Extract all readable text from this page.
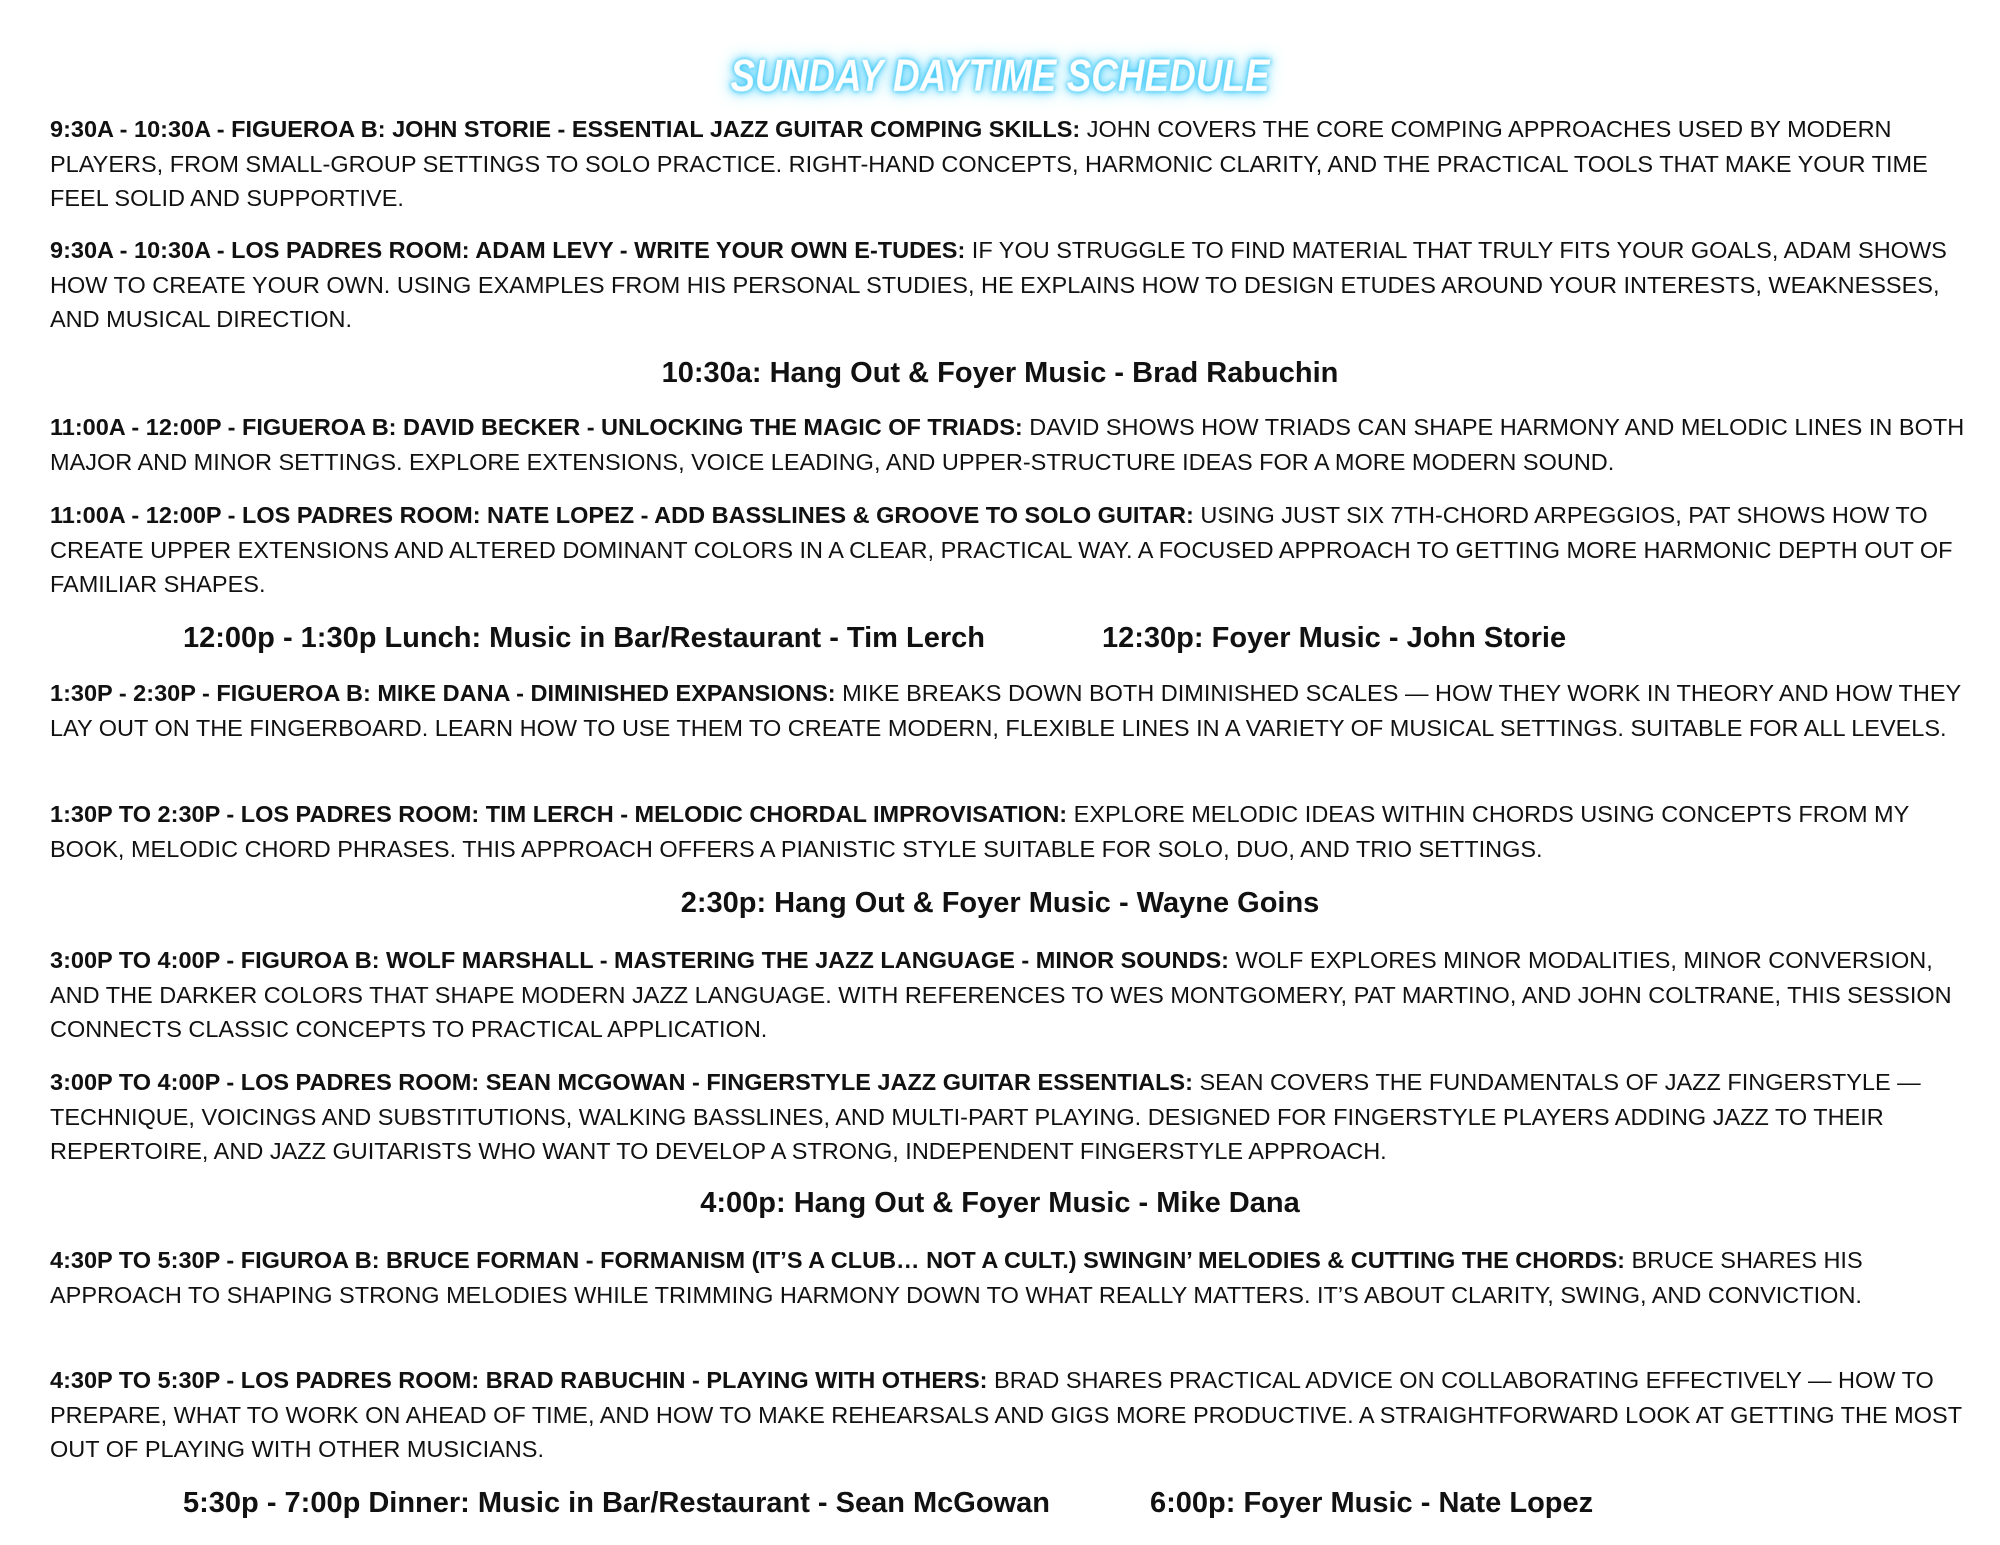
SUNDAY DAYTIME SCHEDULE
9:30A - 10:30A - FIGUEROA B: JOHN STORIE - ESSENTIAL JAZZ GUITAR COMPING SKILLS: JOHN COVERS THE CORE COMPING APPROACHES USED BY MODERN PLAYERS, FROM SMALL-GROUP SETTINGS TO SOLO PRACTICE. RIGHT-HAND CONCEPTS, HARMONIC CLARITY, AND THE PRACTICAL TOOLS THAT MAKE YOUR TIME FEEL SOLID AND SUPPORTIVE.
9:30A - 10:30A - LOS PADRES ROOM: ADAM LEVY - WRITE YOUR OWN E-TUDES: IF YOU STRUGGLE TO FIND MATERIAL THAT TRULY FITS YOUR GOALS, ADAM SHOWS HOW TO CREATE YOUR OWN. USING EXAMPLES FROM HIS PERSONAL STUDIES, HE EXPLAINS HOW TO DESIGN ETUDES AROUND YOUR INTERESTS, WEAKNESSES, AND MUSICAL DIRECTION.
10:30a: Hang Out & Foyer Music - Brad Rabuchin
11:00A - 12:00P - FIGUEROA B: DAVID BECKER - UNLOCKING THE MAGIC OF TRIADS: DAVID SHOWS HOW TRIADS CAN SHAPE HARMONY AND MELODIC LINES IN BOTH MAJOR AND MINOR SETTINGS. EXPLORE EXTENSIONS, VOICE LEADING, AND UPPER-STRUCTURE IDEAS FOR A MORE MODERN SOUND.
11:00A - 12:00P - LOS PADRES ROOM: NATE LOPEZ - ADD BASSLINES & GROOVE TO SOLO GUITAR: USING JUST SIX 7TH-CHORD ARPEGGIOS, PAT SHOWS HOW TO CREATE UPPER EXTENSIONS AND ALTERED DOMINANT COLORS IN A CLEAR, PRACTICAL WAY. A FOCUSED APPROACH TO GETTING MORE HARMONIC DEPTH OUT OF FAMILIAR SHAPES.
12:00p - 1:30p Lunch: Music in Bar/Restaurant - Tim Lerch	12:30p: Foyer Music - John Storie
1:30P - 2:30P - FIGUEROA B: MIKE DANA - DIMINISHED EXPANSIONS: MIKE BREAKS DOWN BOTH DIMINISHED SCALES — HOW THEY WORK IN THEORY AND HOW THEY LAY OUT ON THE FINGERBOARD. LEARN HOW TO USE THEM TO CREATE MODERN, FLEXIBLE LINES IN A VARIETY OF MUSICAL SETTINGS. SUITABLE FOR ALL LEVELS.
1:30P TO 2:30P - LOS PADRES ROOM: TIM LERCH - MELODIC CHORDAL IMPROVISATION: EXPLORE MELODIC IDEAS WITHIN CHORDS USING CONCEPTS FROM MY BOOK, MELODIC CHORD PHRASES. THIS APPROACH OFFERS A PIANISTIC STYLE SUITABLE FOR SOLO, DUO, AND TRIO SETTINGS.
2:30p: Hang Out & Foyer Music - Wayne Goins
3:00P TO 4:00P - FIGUROA B: WOLF MARSHALL - MASTERING THE JAZZ LANGUAGE - MINOR SOUNDS: WOLF EXPLORES MINOR MODALITIES, MINOR CONVERSION, AND THE DARKER COLORS THAT SHAPE MODERN JAZZ LANGUAGE. WITH REFERENCES TO WES MONTGOMERY, PAT MARTINO, AND JOHN COLTRANE, THIS SESSION CONNECTS CLASSIC CONCEPTS TO PRACTICAL APPLICATION.
3:00P TO 4:00P - LOS PADRES ROOM: SEAN MCGOWAN - FINGERSTYLE JAZZ GUITAR ESSENTIALS: SEAN COVERS THE FUNDAMENTALS OF JAZZ FINGERSTYLE — TECHNIQUE, VOICINGS AND SUBSTITUTIONS, WALKING BASSLINES, AND MULTI-PART PLAYING. DESIGNED FOR FINGERSTYLE PLAYERS ADDING JAZZ TO THEIR REPERTOIRE, AND JAZZ GUITARISTS WHO WANT TO DEVELOP A STRONG, INDEPENDENT FINGERSTYLE APPROACH.
4:00p: Hang Out & Foyer Music - Mike Dana
4:30P TO 5:30P - FIGUROA B: BRUCE FORMAN - FORMANISM (IT’S A CLUB… NOT A CULT.) SWINGIN’ MELODIES & CUTTING THE CHORDS: BRUCE SHARES HIS APPROACH TO SHAPING STRONG MELODIES WHILE TRIMMING HARMONY DOWN TO WHAT REALLY MATTERS. IT’S ABOUT CLARITY, SWING, AND CONVICTION.
4:30P TO 5:30P - LOS PADRES ROOM: BRAD RABUCHIN - PLAYING WITH OTHERS: BRAD SHARES PRACTICAL ADVICE ON COLLABORATING EFFECTIVELY — HOW TO PREPARE, WHAT TO WORK ON AHEAD OF TIME, AND HOW TO MAKE REHEARSALS AND GIGS MORE PRODUCTIVE. A STRAIGHTFORWARD LOOK AT GETTING THE MOST OUT OF PLAYING WITH OTHER MUSICIANS.
5:30p - 7:00p Dinner: Music in Bar/Restaurant - Sean McGowan	6:00p: Foyer Music - Nate Lopez
